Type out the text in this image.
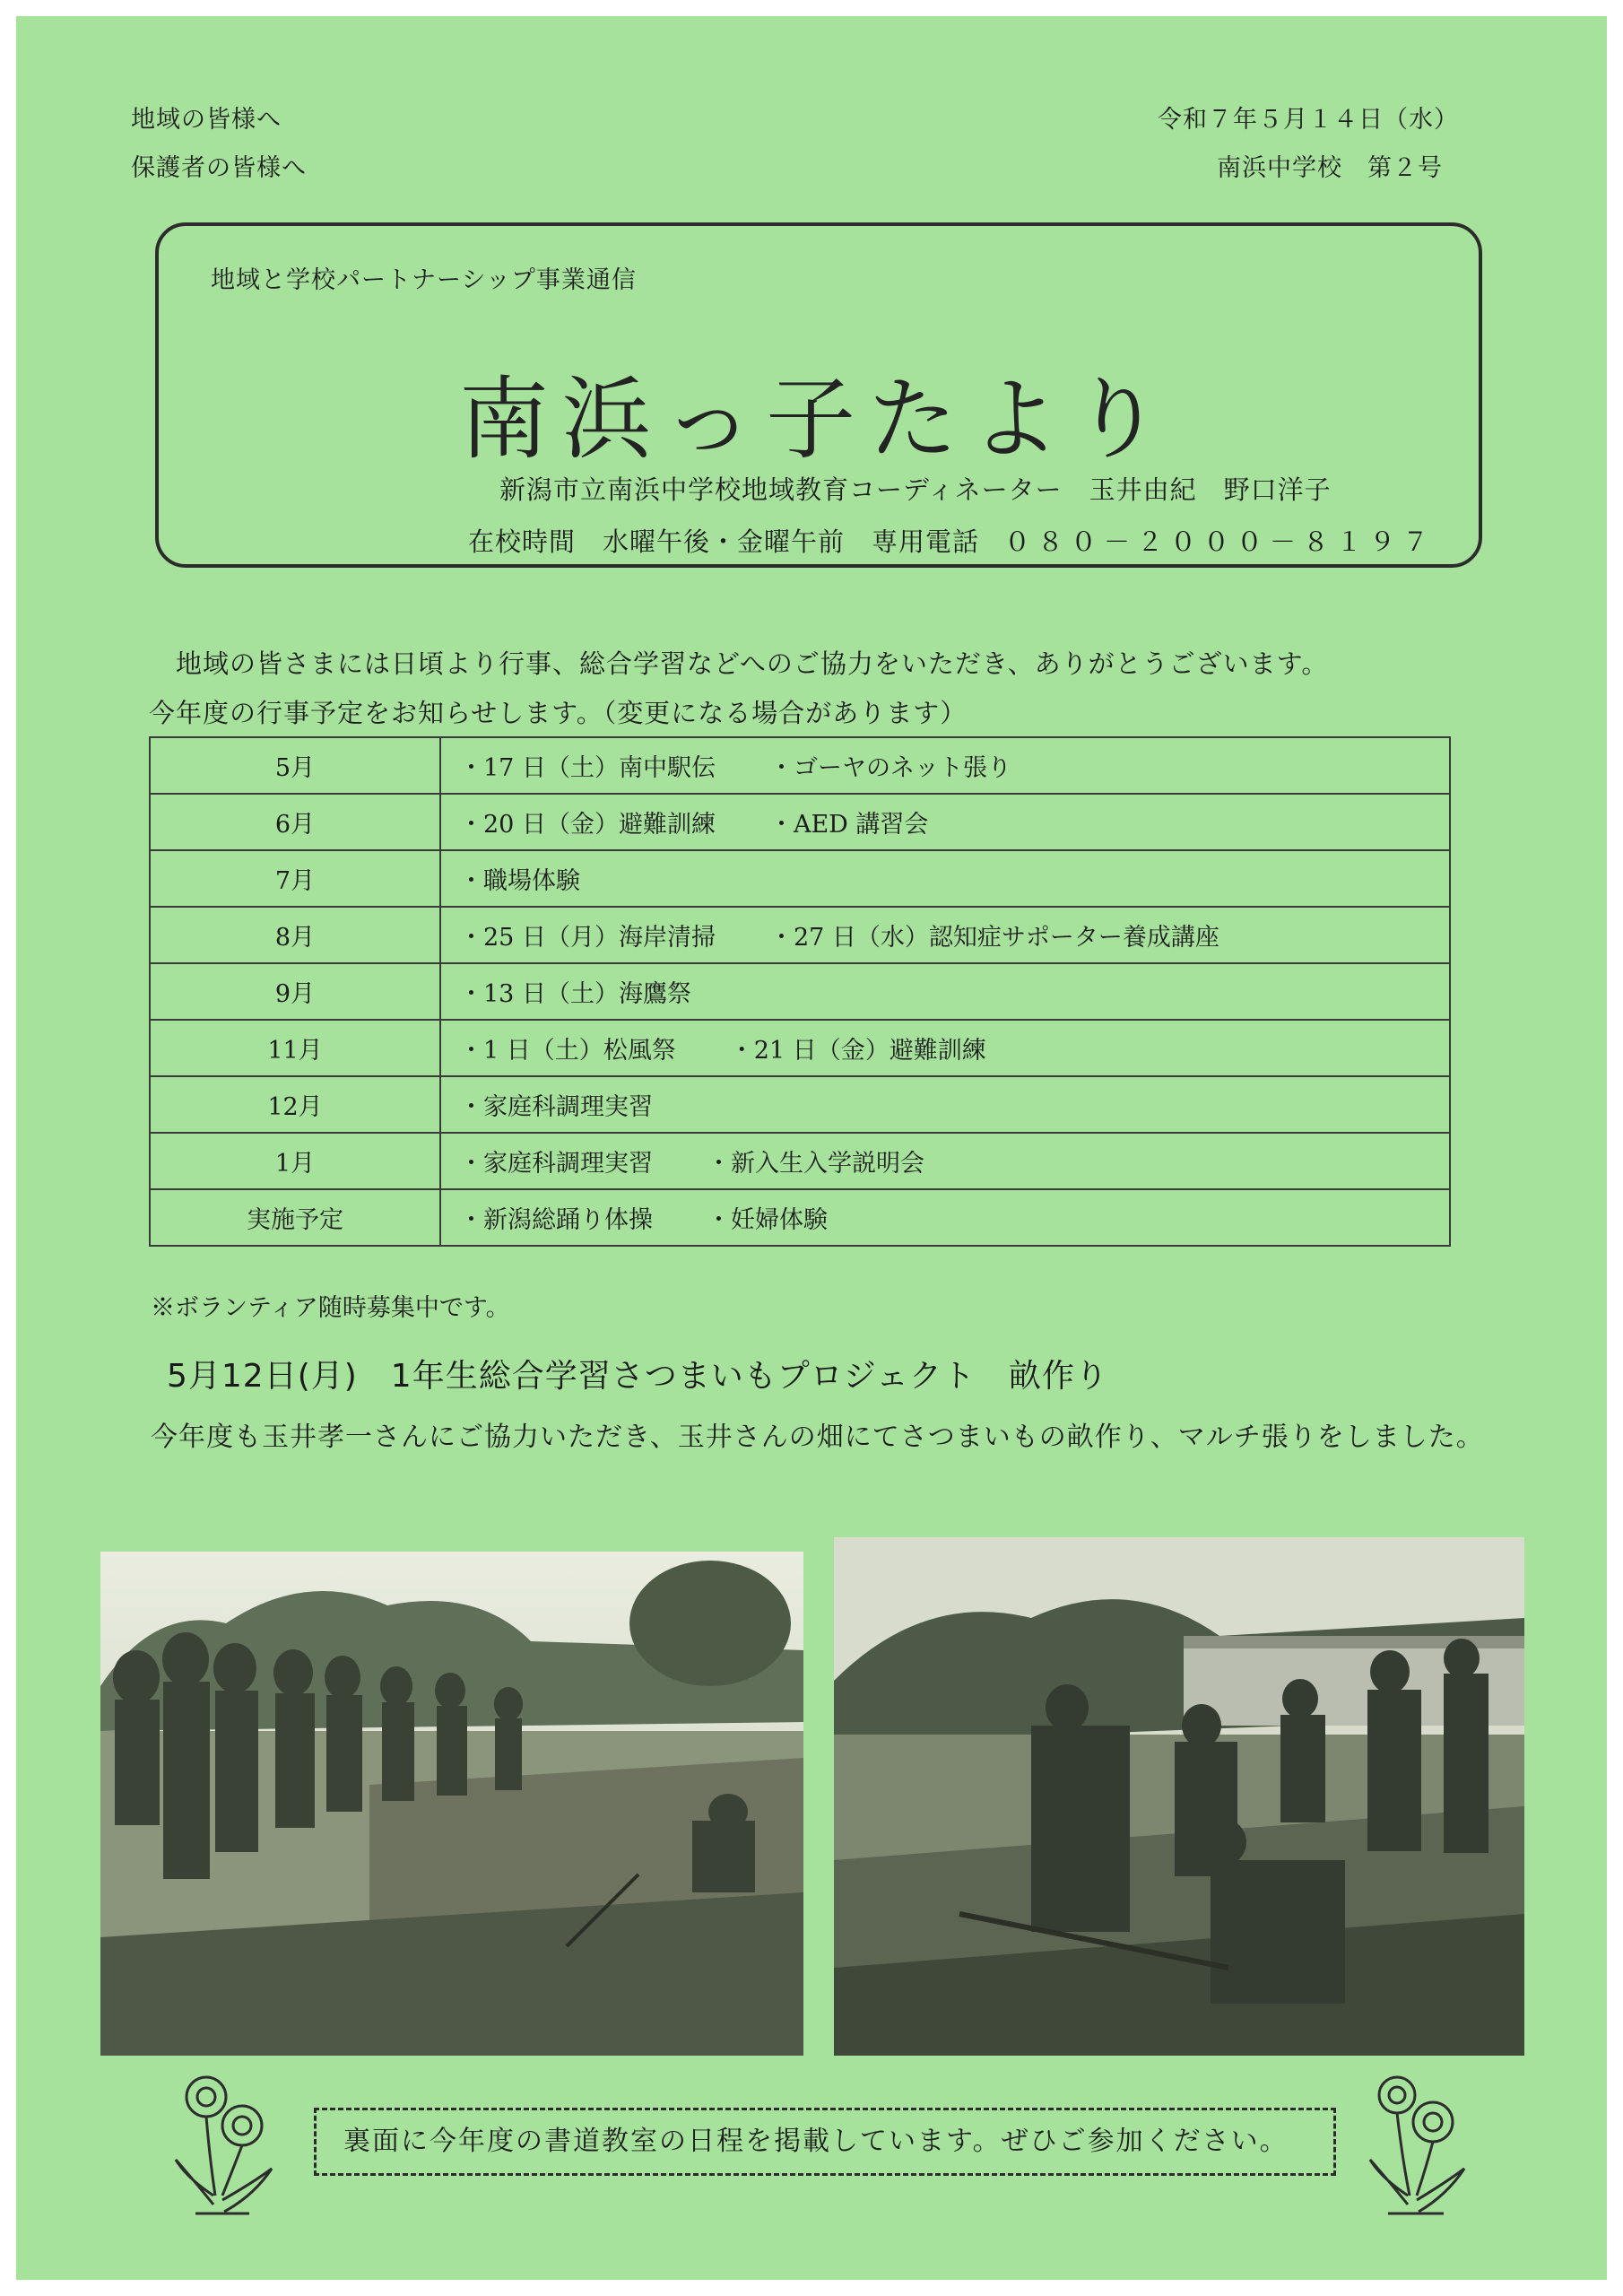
地域の皆様へ
保護者の皆様へ
令和７年５月１４日（水）
南浜中学校　第２号
地域と学校パートナーシップ事業通信
南浜っ子たより
新潟市立南浜中学校地域教育コーディネーター　玉井由紀　野口洋子
在校時間　水曜午後・金曜午前　専用電話 ０８０－２０００－８１９７
地域の皆さまには日頃より行事、総合学習などへのご協力をいただき、ありがとうございます。
今年度の行事予定をお知らせします。（変更になる場合があります）
5月	・17 日（土）南中駅伝 ・ゴーヤのネット張り
6月	・20 日（金）避難訓練 ・AED 講習会
7月	・職場体験
8月	・25 日（月）海岸清掃 ・27 日（水）認知症サポーター養成講座
9月	・13 日（土）海鷹祭
11月	・1 日（土）松風祭 ・21 日（金）避難訓練
12月	・家庭科調理実習
1月	・家庭科調理実習 ・新入生入学説明会
実施予定	・新潟総踊り体操 ・妊婦体験
※ボランティア随時募集中です。
5月12日(月)　1年生総合学習さつまいもプロジェクト　畝作り
今年度も玉井孝一さんにご協力いただき、玉井さんの畑にてさつまいもの畝作り、マルチ張りをしました。
裏面に今年度の書道教室の日程を掲載しています。ぜひご参加ください。
